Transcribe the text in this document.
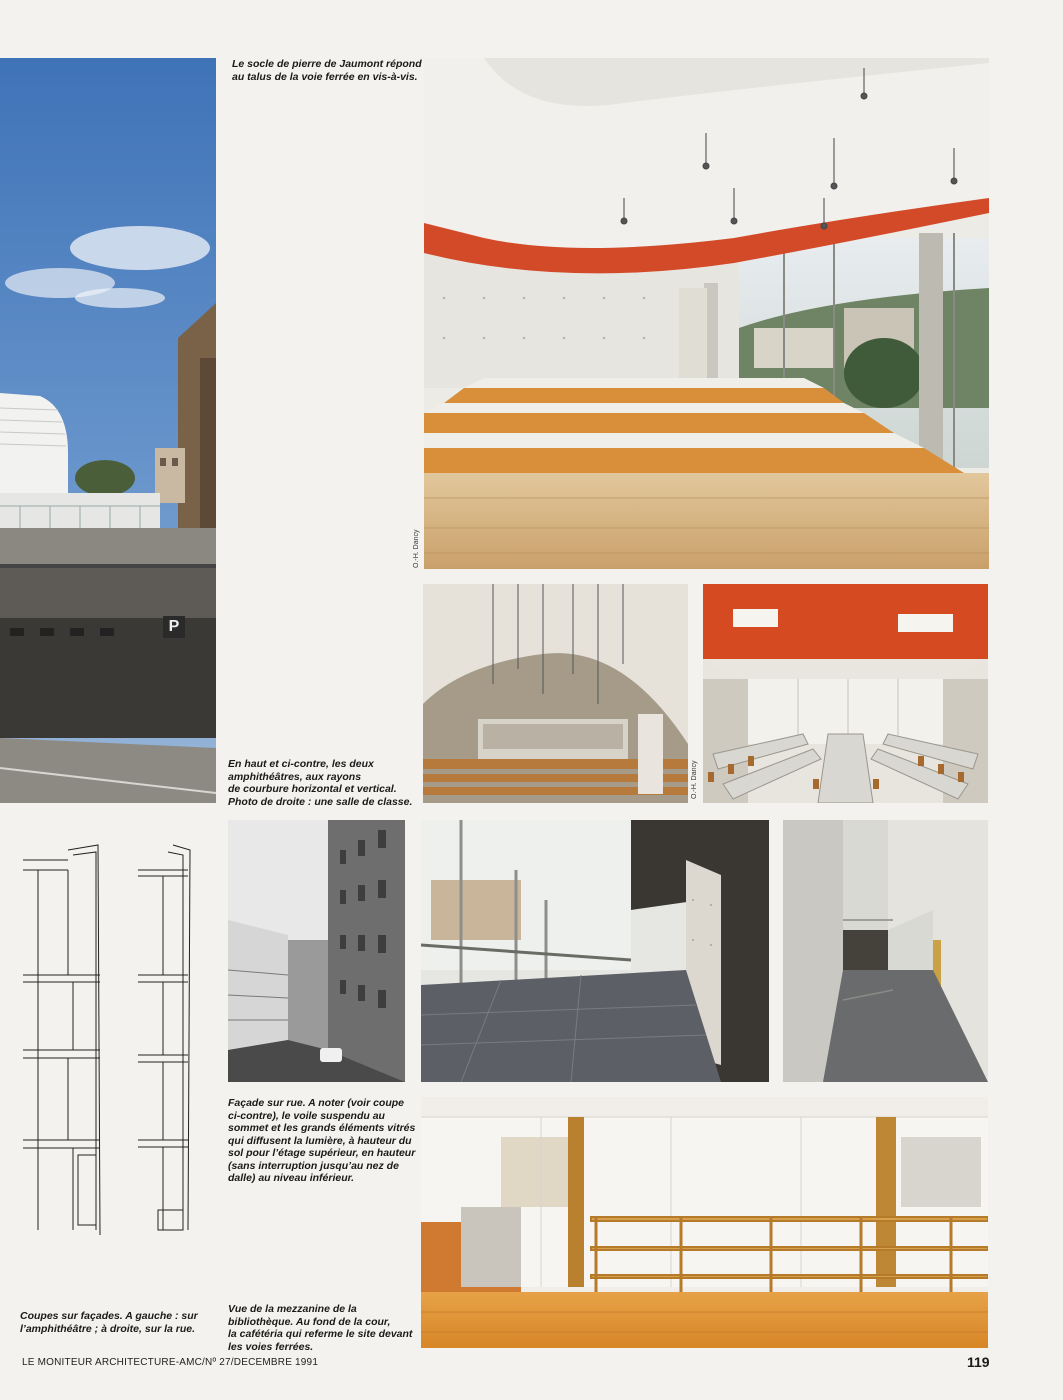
P
Le socle de pierre de Jaumont répond
au talus de la voie ferrée en vis-à-vis.
O.-H. Dancy
O.-H. Dancy
En haut et ci-contre, les deux
amphithéâtres, aux rayons
de courbure horizontal et vertical.
Photo de droite : une salle de classe.
Façade sur rue. A noter (voir coupe
ci-contre), le voile suspendu au
sommet et les grands éléments vitrés
qui diffusent la lumière, à hauteur du
sol pour l’étage supérieur, en hauteur
(sans interruption jusqu’au nez de
dalle) au niveau inférieur.
Coupes sur façades. A gauche : sur
l’amphithéâtre ; à droite, sur la rue.
Vue de la mezzanine de la
bibliothèque. Au fond de la cour,
la cafétéria qui referme le site devant
les voies ferrées.
LE MONITEUR ARCHITECTURE-AMC/Nº 27/DECEMBRE 1991	119
